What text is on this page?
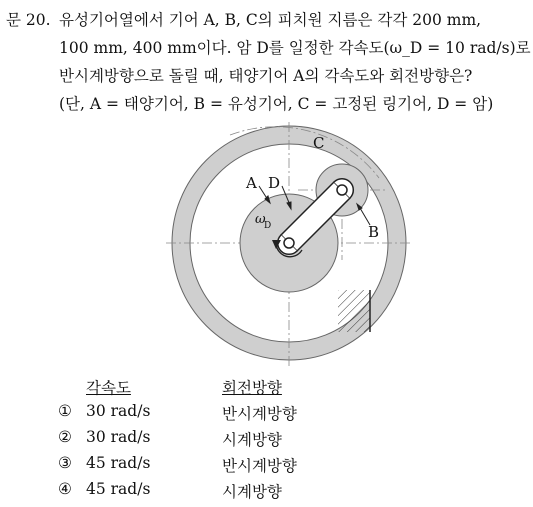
문 20. 유성기어열에서 기어 A, B, C의 피치원 지름은 각각 200 mm,
100 mm, 400 mm이다. 암 D를 일정한 각속도(ω_D = 10 rad/s)로
반시계방향으로 돌릴 때, 태양기어 A의 각속도와 회전방향은?
(단, A = 태양기어, B = 유성기어, C = 고정된 링기어, D = 암)
C
A D
B
ω
D
각속도	회전방향
① 30 rad/s	반시계방향
② 30 rad/s	시계방향
③ 45 rad/s	반시계방향
④ 45 rad/s	시계방향
